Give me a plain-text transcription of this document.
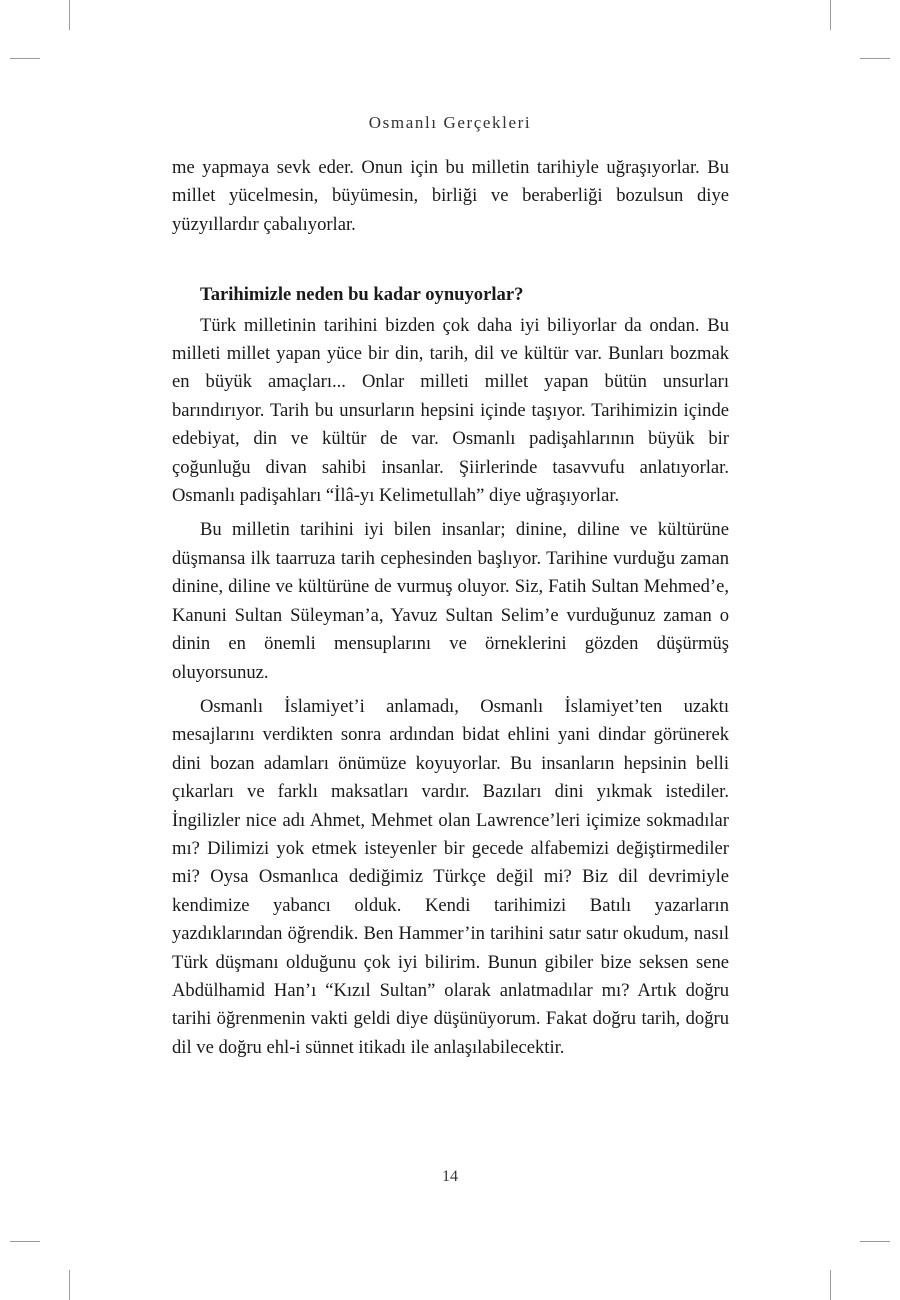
Osmanlı Gerçekleri

me yapmaya sevk eder. Onun için bu milletin tarihiyle uğraşıyorlar. Bu millet yücelmesin, büyümesin, birliği ve beraberliği bozulsun diye yüzyıllardır çabalıyorlar.

Tarihimizle neden bu kadar oynuyorlar?

Türk milletinin tarihini bizden çok daha iyi biliyorlar da ondan. Bu milleti millet yapan yüce bir din, tarih, dil ve kültür var. Bunları bozmak en büyük amaçları... Onlar milleti millet yapan bütün unsurları barındırıyor. Tarih bu unsurların hepsini içinde taşıyor. Tarihimizin içinde edebiyat, din ve kültür de var. Osmanlı padişahlarının büyük bir çoğunluğu divan sahibi insanlar. Şiirlerinde tasavvufu anlatıyorlar. Osmanlı padişahları “İlâ-yı Kelimetullah” diye uğraşıyorlar.

Bu milletin tarihini iyi bilen insanlar; dinine, diline ve kültürüne düşmansa ilk taarruza tarih cephesinden başlıyor. Tarihine vurduğu zaman dinine, diline ve kültürüne de vurmuş oluyor. Siz, Fatih Sultan Mehmed’e, Kanuni Sultan Süleyman’a, Yavuz Sultan Selim’e vurduğunuz zaman o dinin en önemli mensuplarını ve örneklerini gözden düşürmüş oluyorsunuz.

Osmanlı İslamiyet’i anlamadı, Osmanlı İslamiyet’ten uzaktı mesajlarını verdikten sonra ardından bidat ehlini yani dindar görünerek dini bozan adamları önümüze koyuyorlar. Bu insanların hepsinin belli çıkarları ve farklı maksatları vardır. Bazıları dini yıkmak istediler. İngilizler nice adı Ahmet, Mehmet olan Lawrence’leri içimize sokmadılar mı? Dilimizi yok etmek isteyenler bir gecede alfabemizi değiştirmediler mi? Oysa Osmanlıca dediğimiz Türkçe değil mi? Biz dil devrimiyle kendimize yabancı olduk. Kendi tarihimizi Batılı yazarların yazdıklarından öğrendik. Ben Hammer’in tarihini satır satır okudum, nasıl Türk düşmanı olduğunu çok iyi bilirim. Bunun gibiler bize seksen sene Abdülhamid Han’ı “Kızıl Sultan” olarak anlatmadılar mı? Artık doğru tarihi öğrenmenin vakti geldi diye düşünüyorum. Fakat doğru tarih, doğru dil ve doğru ehl-i sünnet itikadı ile anlaşılabilecektir.

14
